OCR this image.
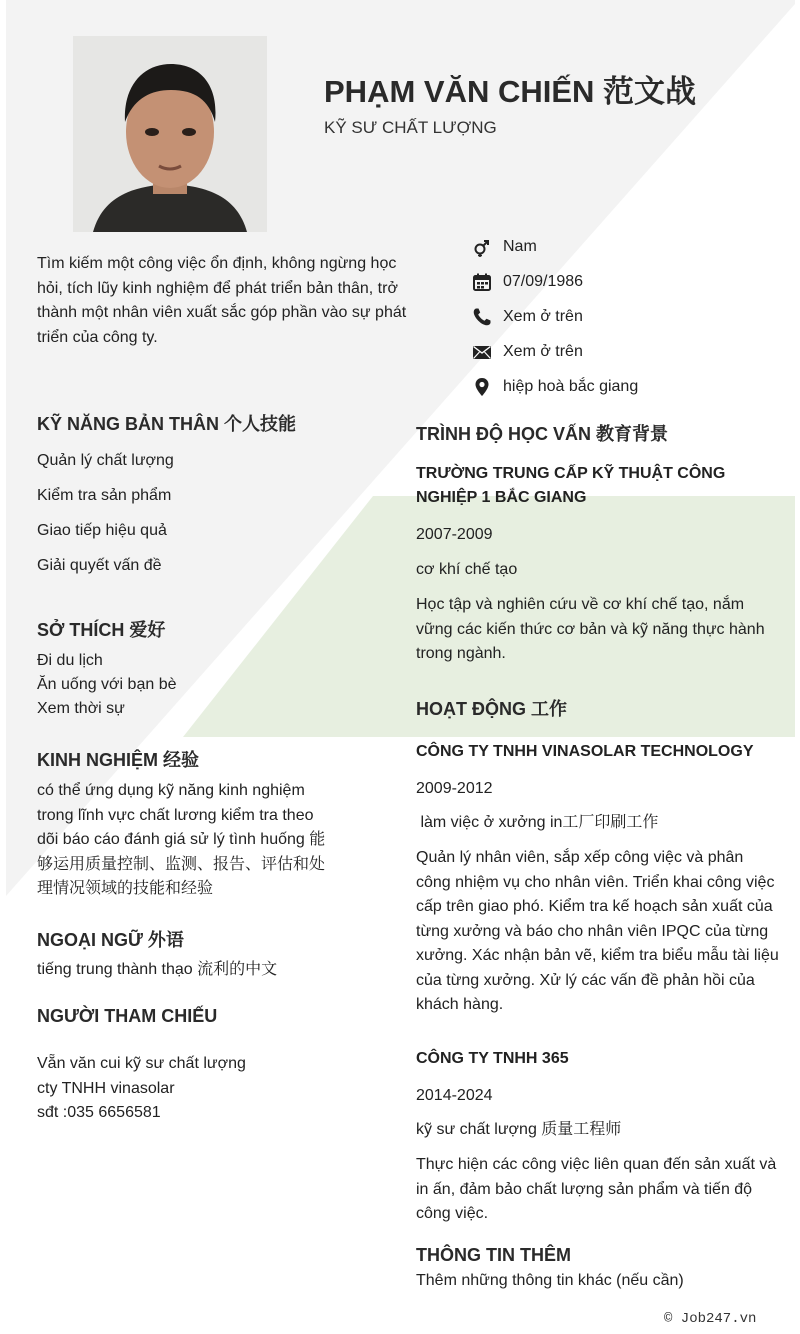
PHẠM VĂN CHIẾN 范文战
KỸ SƯ CHẤT LƯỢNG
Tìm kiếm một công việc ổn định, không ngừng học hỏi, tích lũy kinh nghiệm để phát triển bản thân, trở thành một nhân viên xuất sắc góp phần vào sự phát triển của công ty.
Nam
07/09/1986
Xem ở trên
Xem ở trên
hiệp hoà bắc giang
KỸ NĂNG BẢN THÂN 个人技能
Quản lý chất lượng
Kiểm tra sản phẩm
Giao tiếp hiệu quả
Giải quyết vấn đề
SỞ THÍCH 爱好
Đi du lịch
Ăn uống với bạn bè
Xem thời sự
KINH NGHIỆM 经验
có thể ứng dụng kỹ năng kinh nghiệm trong lĩnh vực chất lương kiểm tra theo dõi báo cáo đánh giá sử lý tình huống 能够运用质量控制、监测、报告、评估和处理情况领域的技能和经验
NGOẠI NGỮ 外语
tiếng trung thành thạo 流利的中文
NGƯỜI THAM CHIẾU
Vẵn văn cui kỹ sư chất lượng
cty TNHH vinasolar
sđt :035 6656581
TRÌNH ĐỘ HỌC VẤN 教育背景
TRƯỜNG TRUNG CẤP KỸ THUẬT CÔNG NGHIỆP 1 BẮC GIANG
2007-2009
cơ khí chế tạo
Học tập và nghiên cứu về cơ khí chế tạo, nắm vững các kiến thức cơ bản và kỹ năng thực hành trong ngành.
HOẠT ĐỘNG 工作
CÔNG TY TNHH VINASOLAR TECHNOLOGY
2009-2012
làm việc ở xưởng in工厂印刷工作
Quản lý nhân viên, sắp xếp công việc và phân công nhiệm vụ cho nhân viên. Triển khai công việc cấp trên giao phó. Kiểm tra kế hoạch sản xuất của từng xưởng và báo cho nhân viên IPQC của từng xưởng. Xác nhận bản vẽ, kiểm tra biểu mẫu tài liệu của từng xưởng. Xử lý các vấn đề phản hồi của khách hàng.
CÔNG TY TNHH 365
2014-2024
kỹ sư chất lượng 质量工程师
Thực hiện các công việc liên quan đến sản xuất và in ấn, đảm bảo chất lượng sản phẩm và tiến độ công việc.
THÔNG TIN THÊM
Thêm những thông tin khác (nếu cần)
© Job247.vn
